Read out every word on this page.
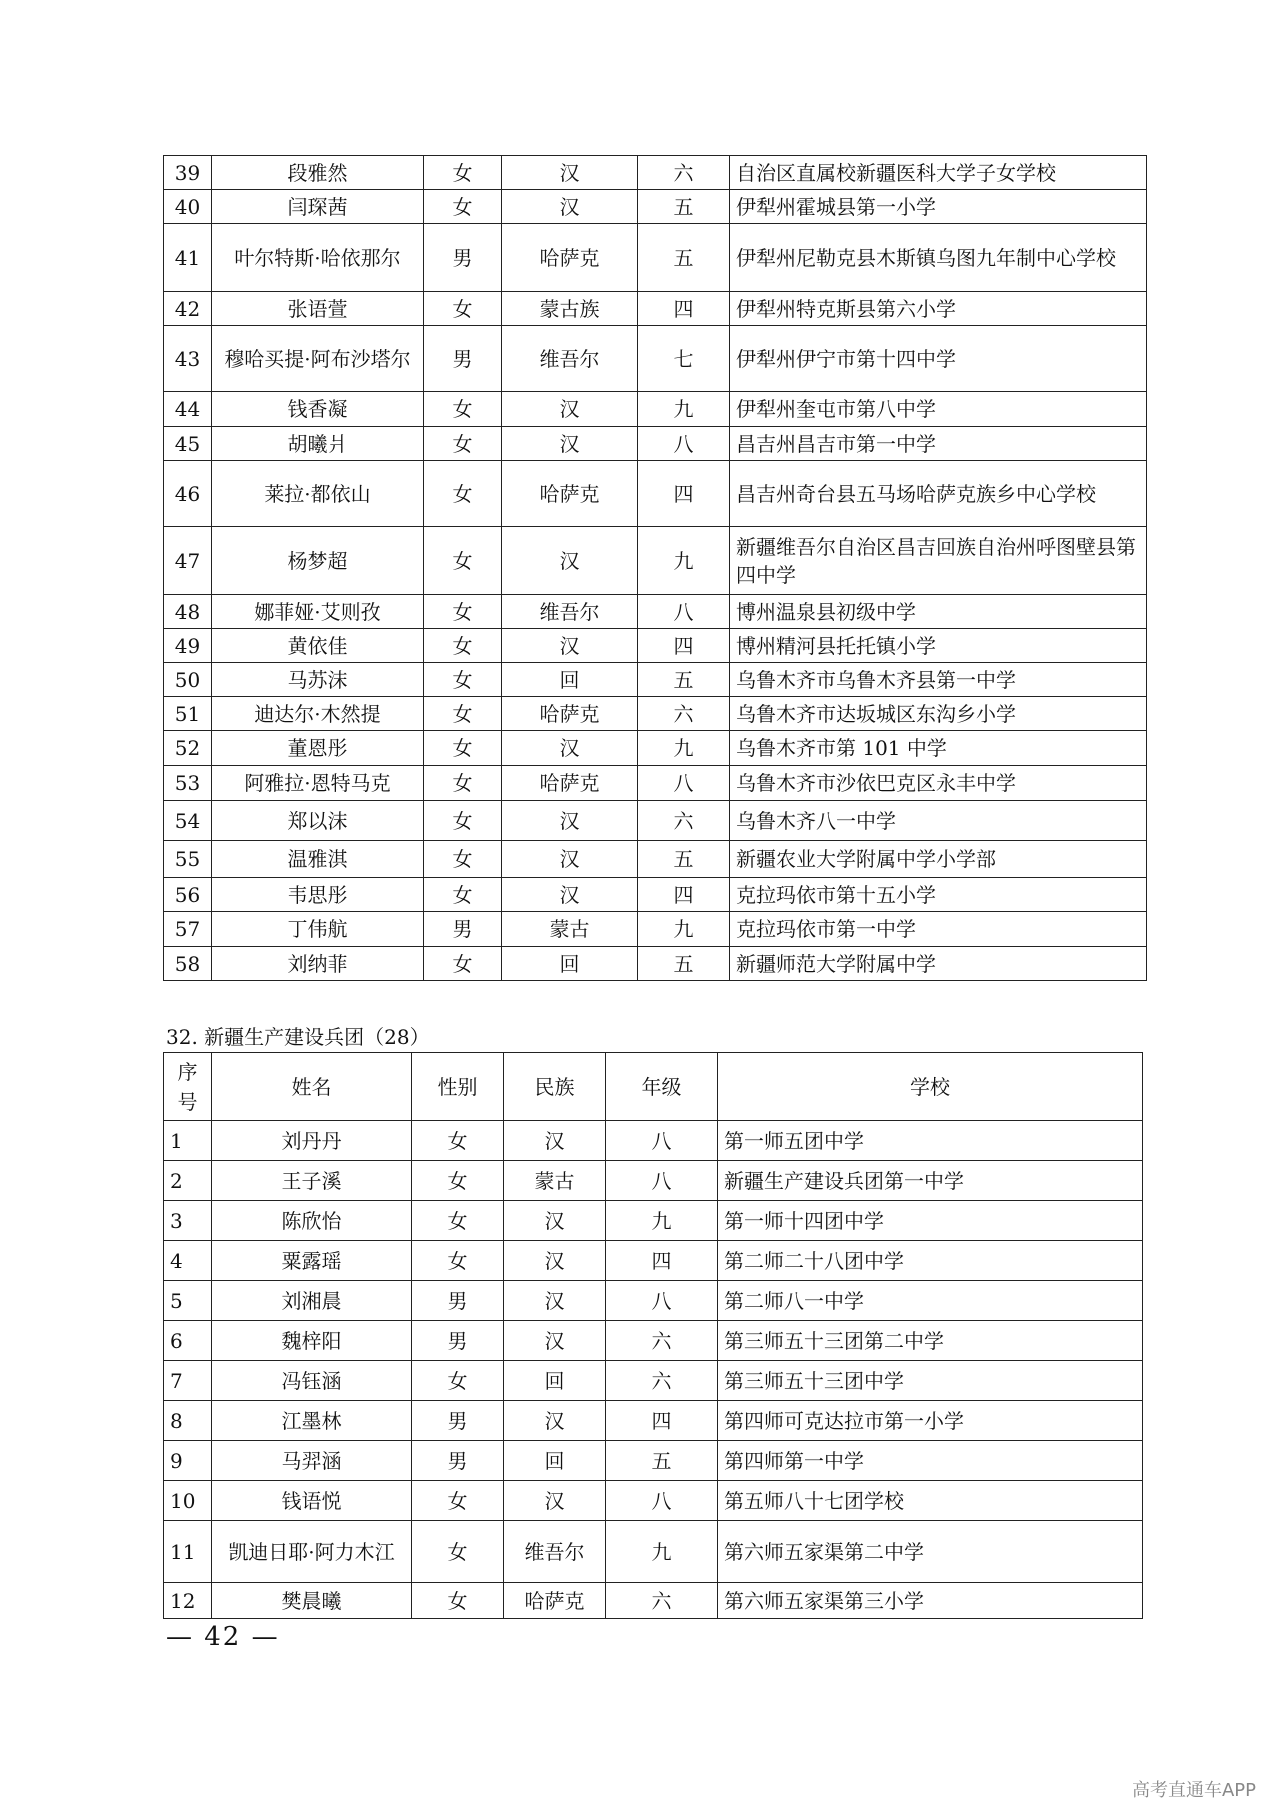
39	段雅然	女	汉	六	自治区直属校新疆医科大学子女学校
40	闫琛茜	女	汉	五	伊犁州霍城县第一小学
41	叶尔特斯·哈依那尔	男	哈萨克	五	伊犁州尼勒克县木斯镇乌图九年制中心学校
42	张语萱	女	蒙古族	四	伊犁州特克斯县第六小学
43	穆哈买提·阿布沙塔尔	男	维吾尔	七	伊犁州伊宁市第十四中学
44	钱香凝	女	汉	九	伊犁州奎屯市第八中学
45	胡曦爿	女	汉	八	昌吉州昌吉市第一中学
46	莱拉·都依山	女	哈萨克	四	昌吉州奇台县五马场哈萨克族乡中心学校
47	杨梦超	女	汉	九	新疆维吾尔自治区昌吉回族自治州呼图壁县第四中学
48	娜菲娅·艾则孜	女	维吾尔	八	博州温泉县初级中学
49	黄依佳	女	汉	四	博州精河县托托镇小学
50	马苏沫	女	回	五	乌鲁木齐市乌鲁木齐县第一中学
51	迪达尔·木然提	女	哈萨克	六	乌鲁木齐市达坂城区东沟乡小学
52	董恩彤	女	汉	九	乌鲁木齐市第 101 中学
53	阿雅拉·恩特马克	女	哈萨克	八	乌鲁木齐市沙依巴克区永丰中学
54	郑以沫	女	汉	六	乌鲁木齐八一中学
55	温雅淇	女	汉	五	新疆农业大学附属中学小学部
56	韦思彤	女	汉	四	克拉玛依市第十五小学
57	丁伟航	男	蒙古	九	克拉玛依市第一中学
58	刘纳菲	女	回	五	新疆师范大学附属中学
32. 新疆生产建设兵团（28）
序号	姓名	性别	民族	年级	学校
1	刘丹丹	女	汉	八	第一师五团中学
2	王子溪	女	蒙古	八	新疆生产建设兵团第一中学
3	陈欣怡	女	汉	九	第一师十四团中学
4	粟露瑶	女	汉	四	第二师二十八团中学
5	刘湘晨	男	汉	八	第二师八一中学
6	魏梓阳	男	汉	六	第三师五十三团第二中学
7	冯钰涵	女	回	六	第三师五十三团中学
8	江墨林	男	汉	四	第四师可克达拉市第一小学
9	马羿涵	男	回	五	第四师第一中学
10	钱语悦	女	汉	八	第五师八十七团学校
11	凯迪日耶·阿力木江	女	维吾尔	九	第六师五家渠第二中学
12	樊晨曦	女	哈萨克	六	第六师五家渠第三小学
— 42 —
高考直通车APP
